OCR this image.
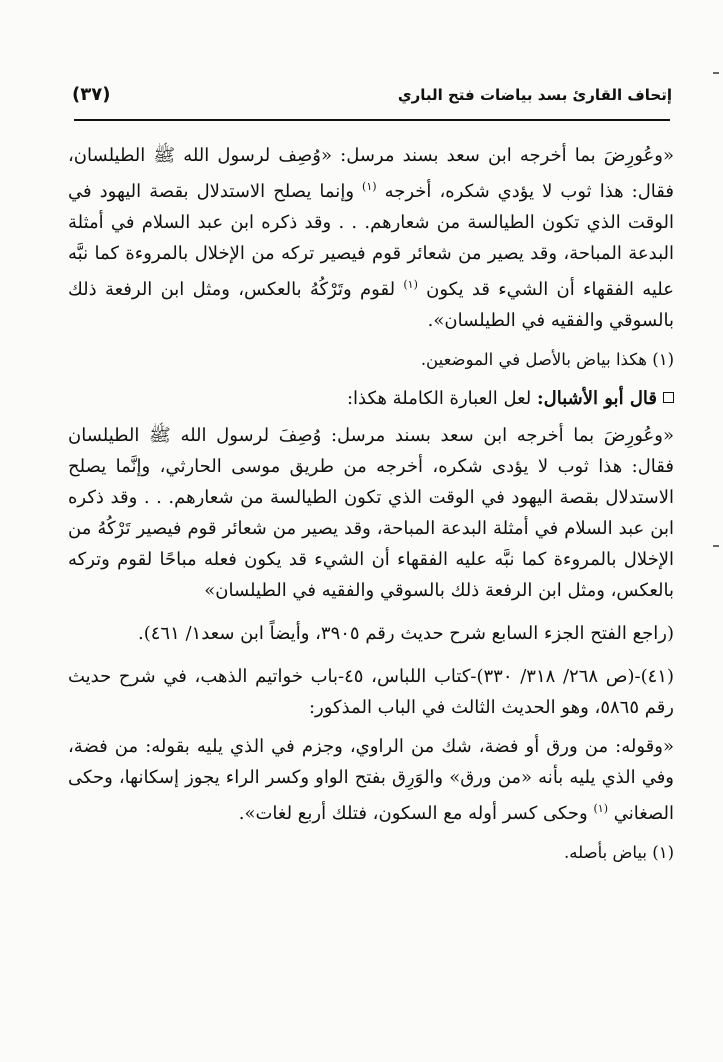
إتحاف القارئ بسد بياضات فتح الباري
(٣٧)

«وعُورِضَ بما أخرجه ابن سعد بسند مرسل: «وُصِف لرسول الله ﷺ الطيلسان، فقال: هذا ثوب لا يؤدي شكره، أخرجه $^{(١)}$ وإنما يصلح الاستدلال بقصة اليهود في الوقت الذي تكون الطيالسة من شعارهم. . . وقد ذكره ابن عبد السلام في أمثلة البدعة المباحة، وقد يصير من شعائر قوم فيصير تركه من الإخلال بالمروءة كما نبَّه عليه الفقهاء أن الشيء قد يكون $^{(١)}$ لقوم وتَرْكُهُ بالعكس، ومثل ابن الرفعة ذلك بالسوقي والفقيه في الطيلسان».

(١) هكذا بياض بالأصل في الموضعين.

قال أبو الأشبال: لعل العبارة الكاملة هكذا:

«وعُورِضَ بما أخرجه ابن سعد بسند مرسل: وُصِفَ لرسول الله ﷺ الطيلسان فقال: هذا ثوب لا يؤدى شكره، أخرجه من طريق موسى الحارثي، وإنَّما يصلح الاستدلال بقصة اليهود في الوقت الذي تكون الطيالسة من شعارهم. . . وقد ذكره ابن عبد السلام في أمثلة البدعة المباحة، وقد يصير من شعائر قوم فيصير تَرْكُهُ من الإخلال بالمروءة كما نبَّه عليه الفقهاء أن الشيء قد يكون فعله مباحًا لقوم وتركه بالعكس، ومثل ابن الرفعة ذلك بالسوقي والفقيه في الطيلسان»

(راجع الفتح الجزء السابع شرح حديث رقم ٣٩٠٥، وأيضاً ابن سعد١/ ٤٦١).

(٤١)-(ص ٢٦٨/ ٣١٨/ ٣٣٠)-كتاب اللباس، ٤٥-باب خواتيم الذهب، في شرح حديث رقم ٥٨٦٥، وهو الحديث الثالث في الباب المذكور:

«وقوله: من ورق أو فضة، شك من الراوي، وجزم في الذي يليه بقوله: من فضة، وفي الذي يليه بأنه «من ورق» والوَرِق بفتح الواو وكسر الراء يجوز إسكانها، وحكى الصغاني $^{(١)}$ وحكى كسر أوله مع السكون، فتلك أربع لغات».

(١) بياض بأصله.
